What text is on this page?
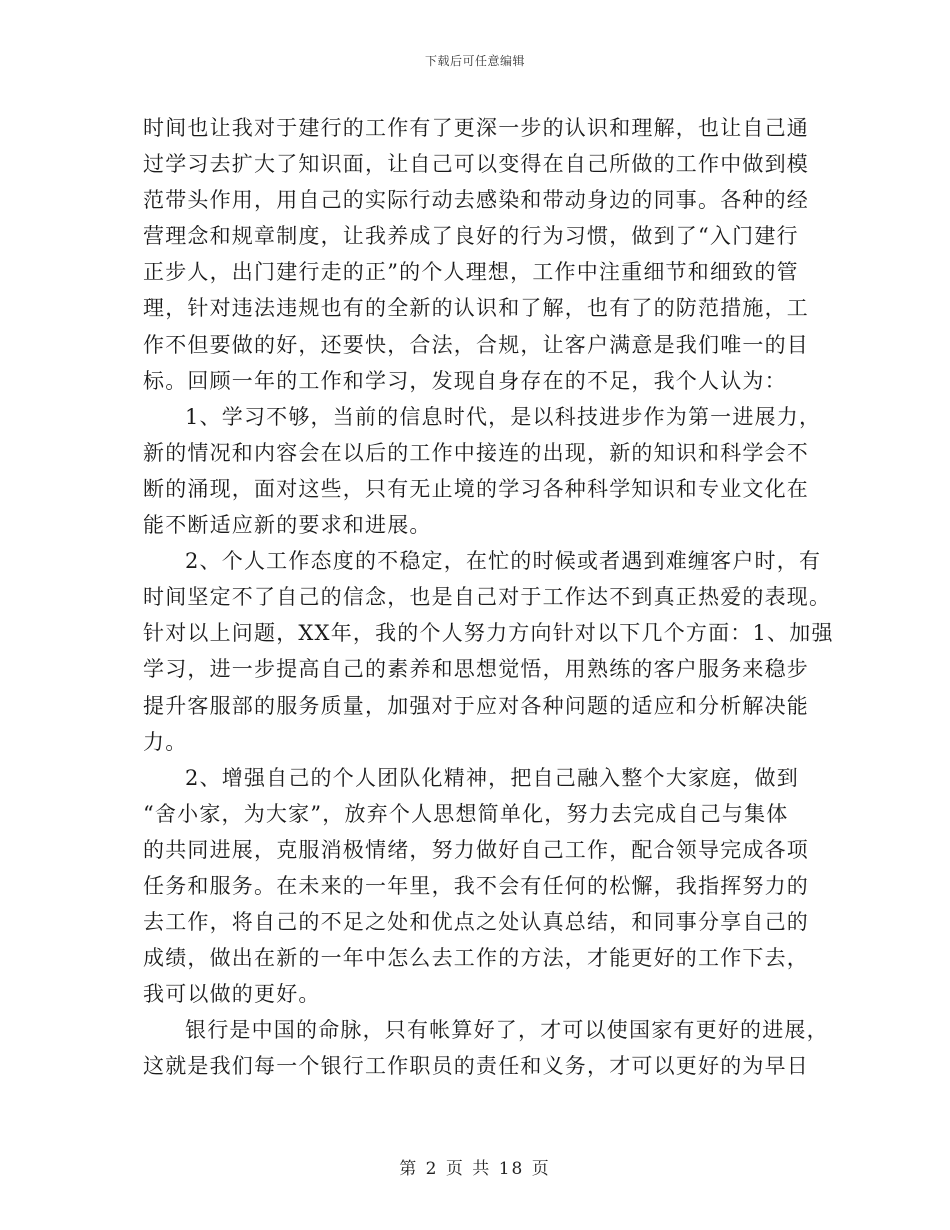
下载后可任意编辑
时间也让我对于建行的工作有了更深一步的认识和理解，也让自己通
过学习去扩大了知识面，让自己可以变得在自己所做的工作中做到模
范带头作用，用自己的实际行动去感染和带动身边的同事。各种的经
营理念和规章制度，让我养成了良好的行为习惯，做到了“入门建行
正步人，出门建行走的正”的个人理想，工作中注重细节和细致的管
理，针对违法违规也有的全新的认识和了解，也有了的防范措施，工
作不但要做的好，还要快，合法，合规，让客户满意是我们唯一的目
标。回顾一年的工作和学习，发现自身存在的不足，我个人认为：
1、学习不够，当前的信息时代，是以科技进步作为第一进展力，
新的情况和内容会在以后的工作中接连的出现，新的知识和科学会不
断的涌现，面对这些，只有无止境的学习各种科学知识和专业文化在
能不断适应新的要求和进展。
2、个人工作态度的不稳定，在忙的时候或者遇到难缠客户时，有
时间坚定不了自己的信念，也是自己对于工作达不到真正热爱的表现。
针对以上问题，XX年，我的个人努力方向针对以下几个方面：1、加强
学习，进一步提高自己的素养和思想觉悟，用熟练的客户服务来稳步
提升客服部的服务质量，加强对于应对各种问题的适应和分析解决能
力。
2、增强自己的个人团队化精神，把自己融入整个大家庭，做到
“舍小家，为大家”，放弃个人思想简单化，努力去完成自己与集体
的共同进展，克服消极情绪，努力做好自己工作，配合领导完成各项
任务和服务。在未来的一年里，我不会有任何的松懈，我指挥努力的
去工作，将自己的不足之处和优点之处认真总结，和同事分享自己的
成绩，做出在新的一年中怎么去工作的方法，才能更好的工作下去，
我可以做的更好。
银行是中国的命脉，只有帐算好了，才可以使国家有更好的进展，
这就是我们每一个银行工作职员的责任和义务，才可以更好的为早日
第 2 页 共 18 页
